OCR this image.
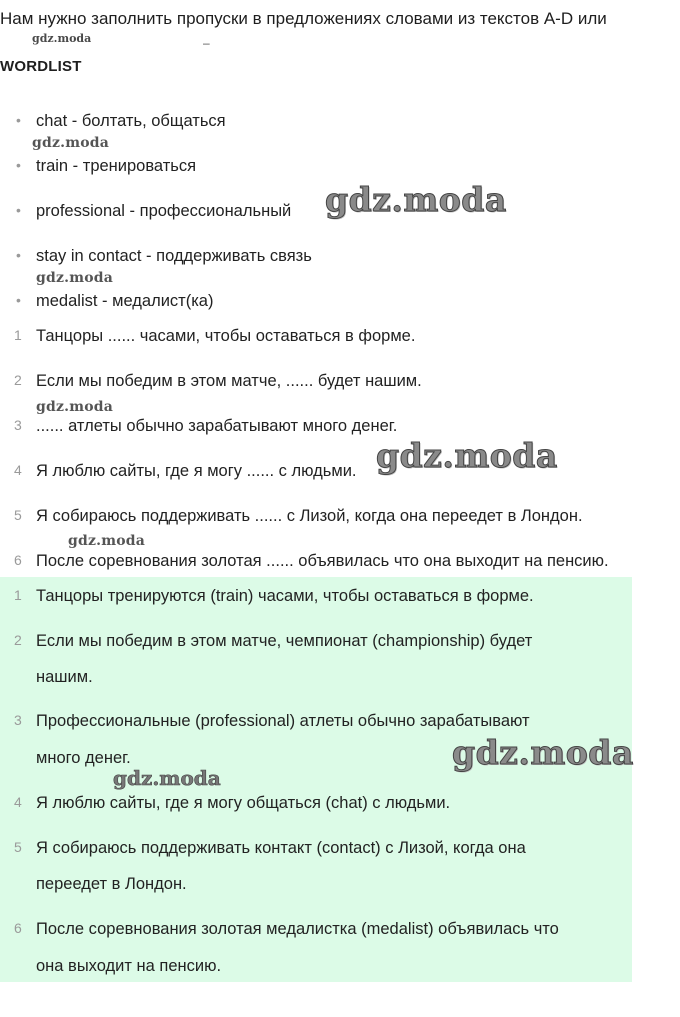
Нам нужно заполнить пропуски в предложениях словами из текстов A-D или
gdz.moda	–
WORDLIST
• chat - болтать, общаться
• train - тренироваться
• professional - профессиональный
• stay in contact - поддерживать связь
• medalist - медалист(ка)
1 Танцоры ...... часами, чтобы оставаться в форме.
2 Если мы победим в этом матче, ...... будет нашим.
3 ...... атлеты обычно зарабатывают много денег.
4 Я люблю сайты, где я могу ...... с людьми.
5 Я собираюсь поддерживать ...... с Лизой, когда она переедет в Лондон.
6 После соревнования золотая ...... объявилась что она выходит на пенсию.
1 Танцоры тренируются (train) часами, чтобы оставаться в форме.
2 Если мы победим в этом матче, чемпионат (championship) будет
нашим.
3 Профессиональные (professional) атлеты обычно зарабатывают
много денег.
4 Я люблю сайты, где я могу общаться (chat) с людьми.
5 Я собираюсь поддерживать контакт (contact) с Лизой, когда она
переедет в Лондон.
6 После соревнования золотая медалистка (medalist) объявилась что
она выходит на пенсию.
gdz.moda
gdz.moda
gdz.moda
gdz.moda
gdz.moda
gdz.moda
gdz.moda
gdz.moda
